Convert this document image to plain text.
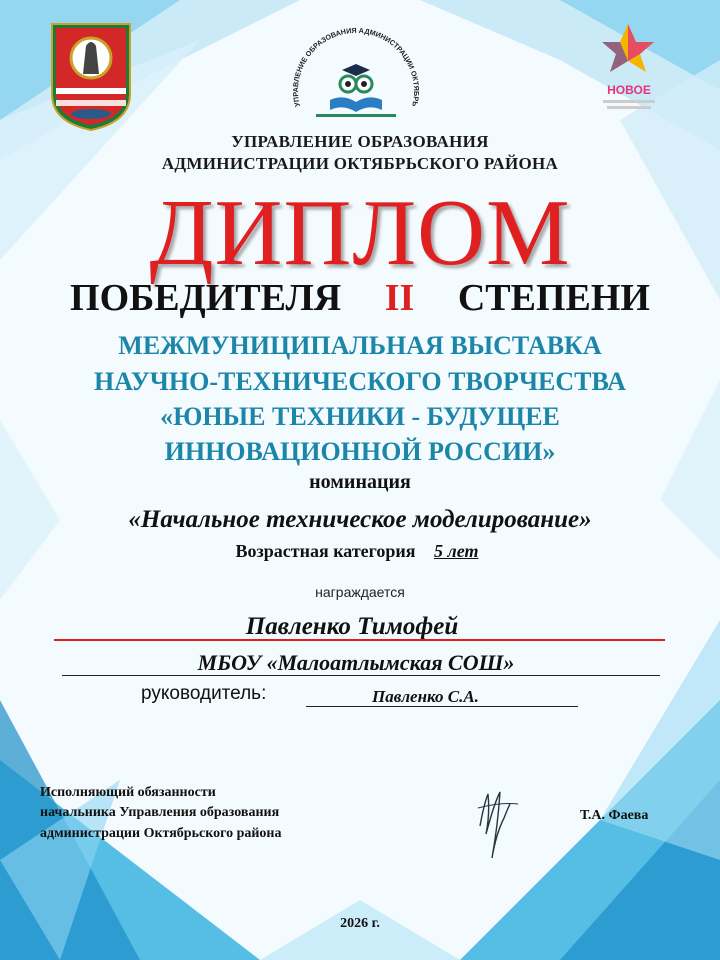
УПРАВЛЕНИЕ ОБРАЗОВАНИЯ АДМИНИСТРАЦИИ ОКТЯБРЬ
НОВОЕ
УПРАВЛЕНИЕ ОБРАЗОВАНИЯ
АДМИНИСТРАЦИИ ОКТЯБРЬСКОГО РАЙОНА
ДИПЛОМ
ПОБЕДИТЕЛЯ II СТЕПЕНИ
МЕЖМУНИЦИПАЛЬНАЯ ВЫСТАВКА
НАУЧНО-ТЕХНИЧЕСКОГО ТВОРЧЕСТВА
«ЮНЫЕ ТЕХНИКИ - БУДУЩЕЕ
ИННОВАЦИОННОЙ РОССИИ»
номинация
«Начальное техническое моделирование»
Возрастная категория 5 лет
награждается
Павленко Тимофей
МБОУ «Малоатлымская СОШ»
руководитель:	Павленко С.А.
Исполняющий обязанности
начальника Управления образования
администрации Октябрьского района
Т.А. Фаева
2026 г.
